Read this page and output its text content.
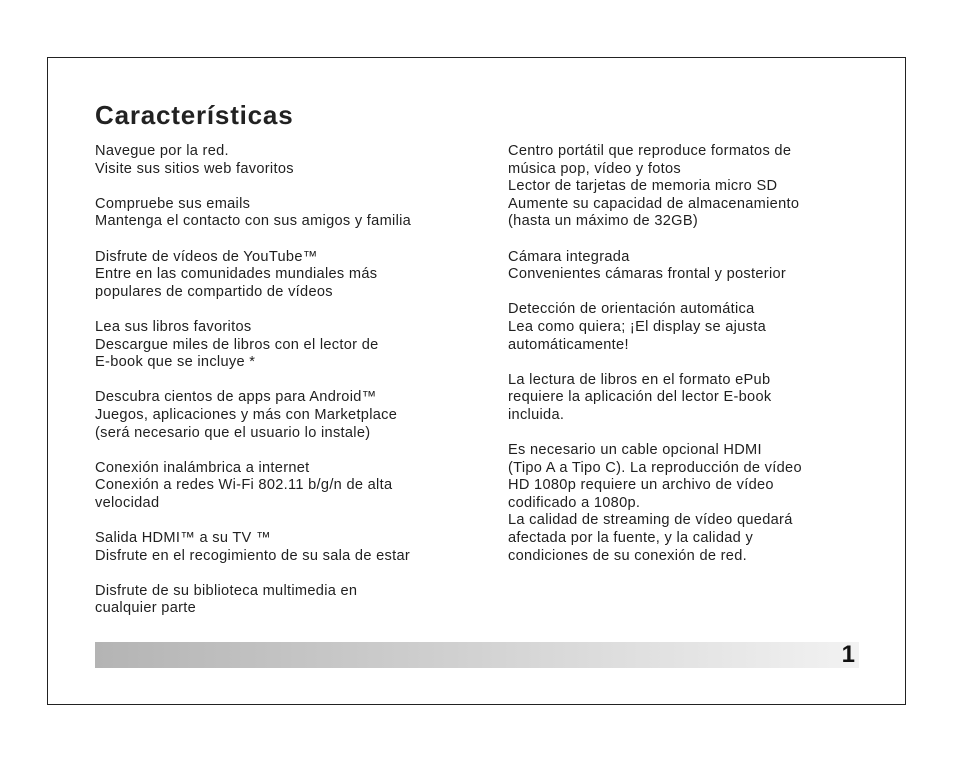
Características

Navegue por la red.
Visite sus sitios web favoritos

Compruebe sus emails
Mantenga el contacto con sus amigos y familia

Disfrute de vídeos de YouTube™
Entre en las comunidades mundiales más
populares de compartido de vídeos

Lea sus libros favoritos
Descargue miles de libros con el lector de
E-book que se incluye *

Descubra cientos de apps para Android™
Juegos, aplicaciones y más con Marketplace
(será necesario que el usuario lo instale)

Conexión inalámbrica a internet
Conexión a redes Wi-Fi 802.11 b/g/n de alta
velocidad

Salida HDMI™ a su TV ™
Disfrute en el recogimiento de su sala de estar

Disfrute de su biblioteca multimedia en
cualquier parte

Centro portátil que reproduce formatos de
música pop, vídeo y fotos
Lector de tarjetas de memoria micro SD
Aumente su capacidad de almacenamiento
(hasta un máximo de 32GB)

Cámara integrada
Convenientes cámaras frontal y posterior

Detección de orientación automática
Lea como quiera; ¡El display se ajusta
automáticamente!

La lectura de libros en el formato ePub
requiere la aplicación del lector E-book
incluida.

Es necesario un cable opcional HDMI
(Tipo A a Tipo C). La reproducción de vídeo
HD 1080p requiere un archivo de vídeo
codificado a 1080p.
La calidad de streaming de vídeo quedará
afectada por la fuente, y la calidad y
condiciones de su conexión de red.

1
